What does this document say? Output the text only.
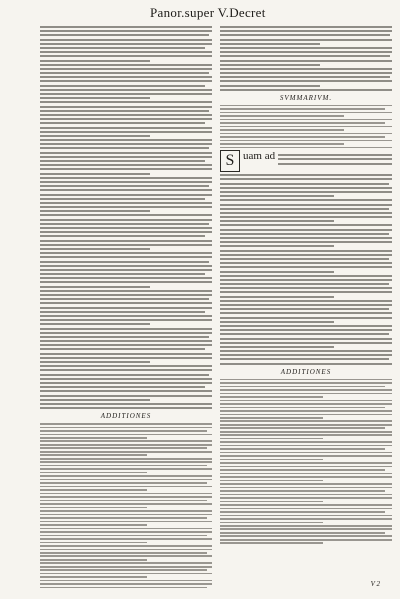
Panor.super V.Decret
ADDITIONES
SVMMARIVM.
S uam ad
ADDITIONES
V 2
